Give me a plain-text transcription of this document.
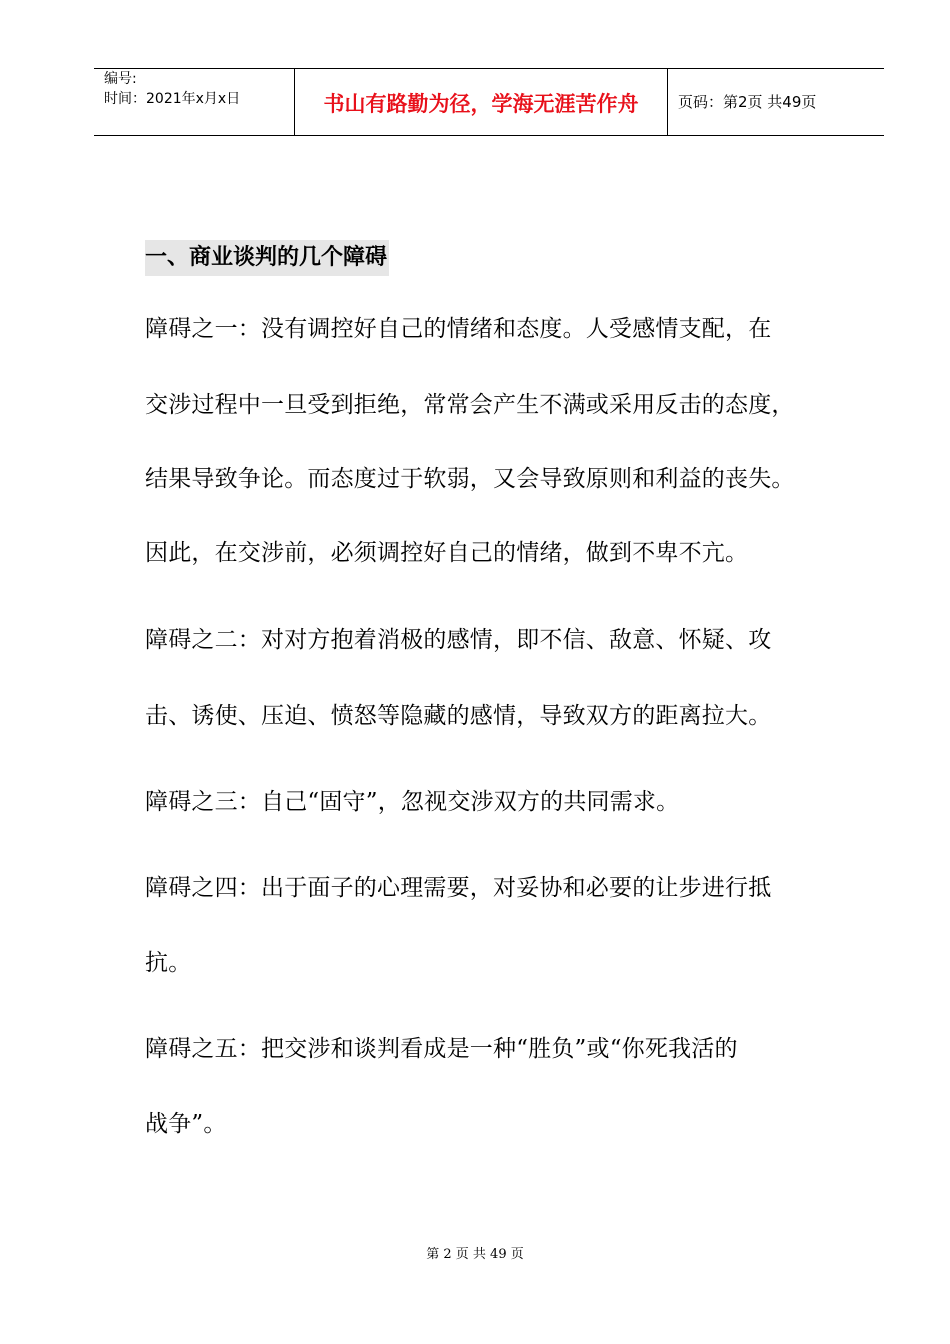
编号:
时间：2021年x月x日	书山有路勤为径，学海无涯苦作舟	页码：第2页 共49页
一、商业谈判的几个障碍
障碍之一：没有调控好自己的情绪和态度。人受感情支配，在
交涉过程中一旦受到拒绝，常常会产生不满或采用反击的态度，
结果导致争论。而态度过于软弱，又会导致原则和利益的丧失。
因此，在交涉前，必须调控好自己的情绪，做到不卑不亢。
障碍之二：对对方抱着消极的感情，即不信、敌意、怀疑、攻
击、诱使、压迫、愤怒等隐藏的感情，导致双方的距离拉大。
障碍之三：自己“固守”，忽视交涉双方的共同需求。
障碍之四：出于面子的心理需要，对妥协和必要的让步进行抵
抗。
障碍之五：把交涉和谈判看成是一种“胜负”或“你死我活的
战争”。
第 2 页 共 49 页
